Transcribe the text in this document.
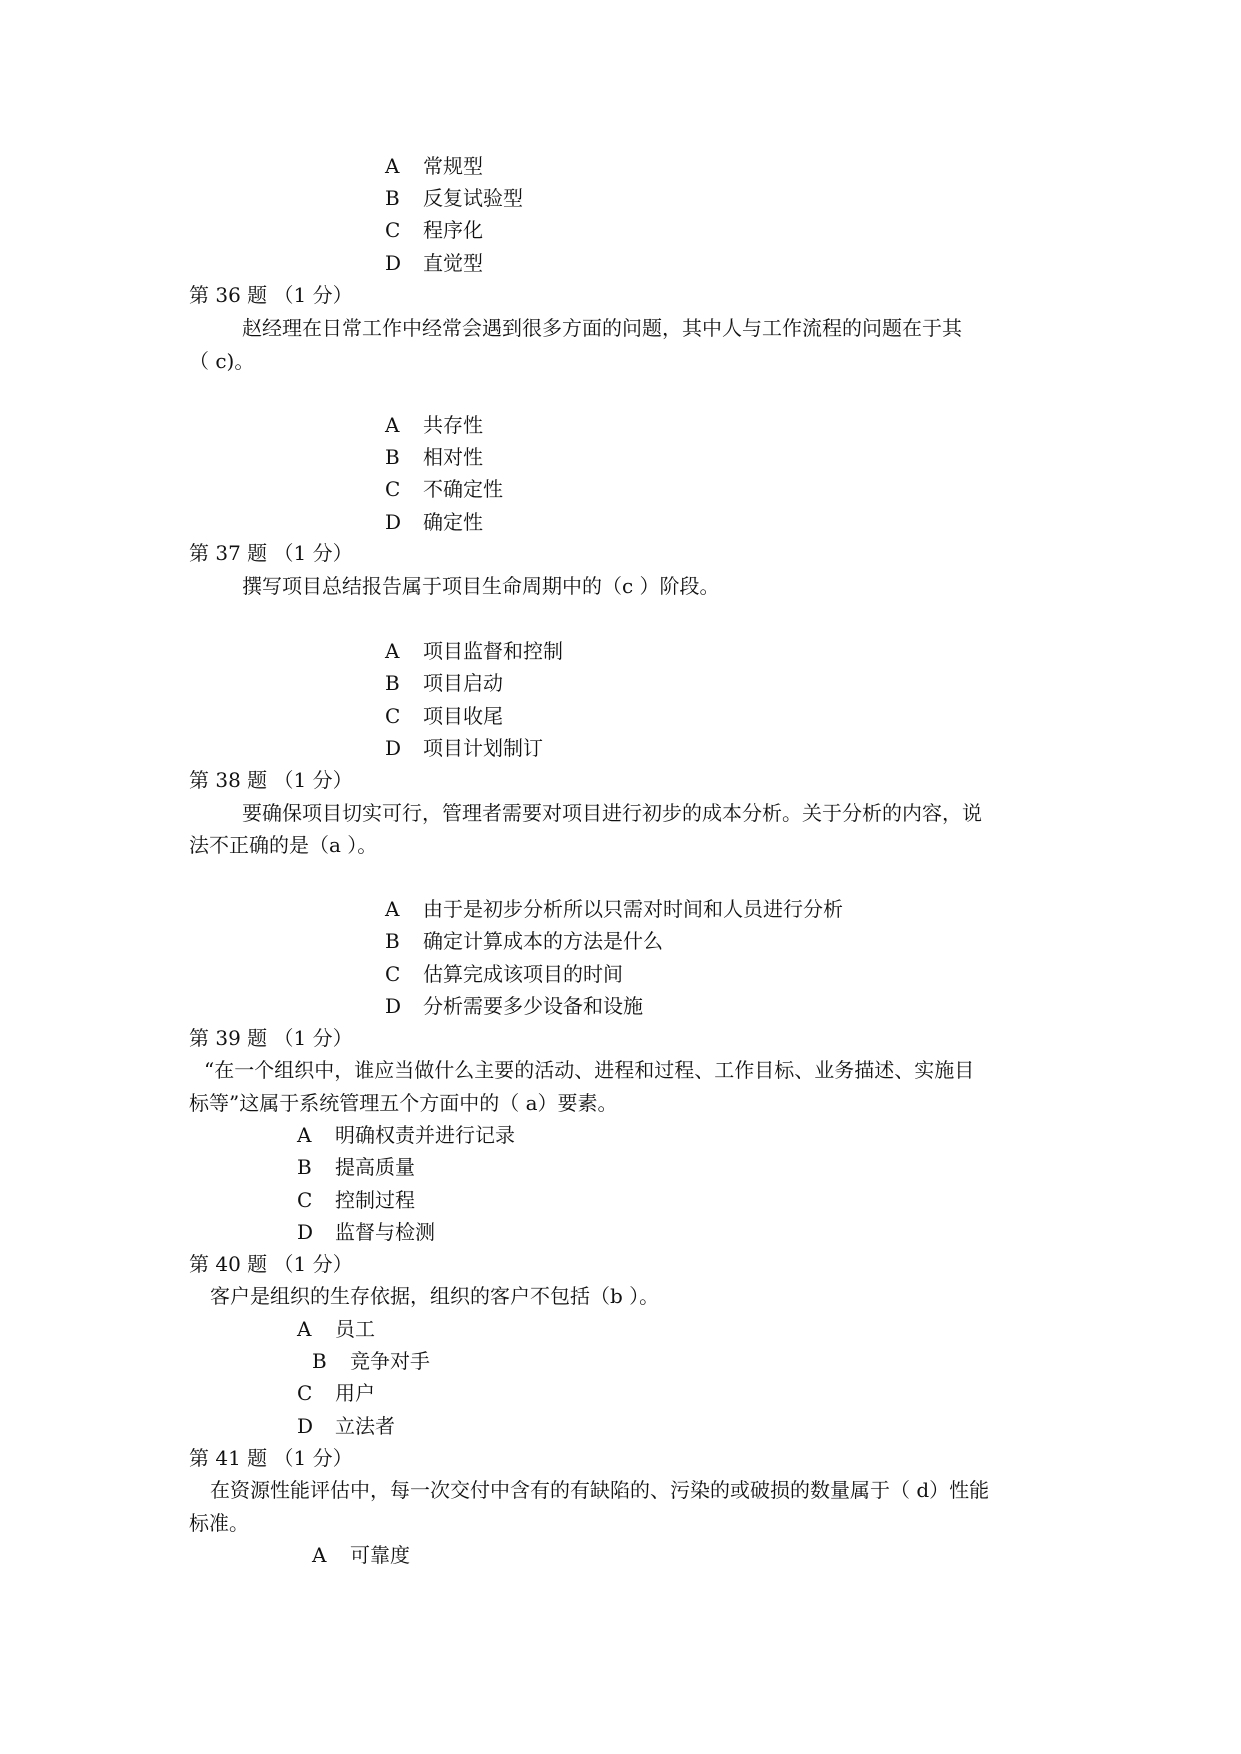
A 常规型
B 反复试验型
C 程序化
D 直觉型
第 36 题 （1 分）
赵经理在日常工作中经常会遇到很多方面的问题，其中人与工作流程的问题在于其
（ c)。
A 共存性
B 相对性
C 不确定性
D 确定性
第 37 题 （1 分）
撰写项目总结报告属于项目生命周期中的（c ）阶段。
A 项目监督和控制
B 项目启动
C 项目收尾
D 项目计划制订
第 38 题 （1 分）
要确保项目切实可行，管理者需要对项目进行初步的成本分析。关于分析的内容，说
法不正确的是（a ）。
A 由于是初步分析所以只需对时间和人员进行分析
B 确定计算成本的方法是什么
C 估算完成该项目的时间
D 分析需要多少设备和设施
第 39 题 （1 分）
“在一个组织中，谁应当做什么主要的活动、进程和过程、工作目标、业务描述、实施目
标等”这属于系统管理五个方面中的（ a）要素。
A 明确权责并进行记录
B 提高质量
C 控制过程
D 监督与检测
第 40 题 （1 分）
客户是组织的生存依据，组织的客户不包括（b ）。
A 员工
B 竞争对手
C 用户
D 立法者
第 41 题 （1 分）
在资源性能评估中，每一次交付中含有的有缺陷的、污染的或破损的数量属于（ d）性能
标准。
A 可靠度
